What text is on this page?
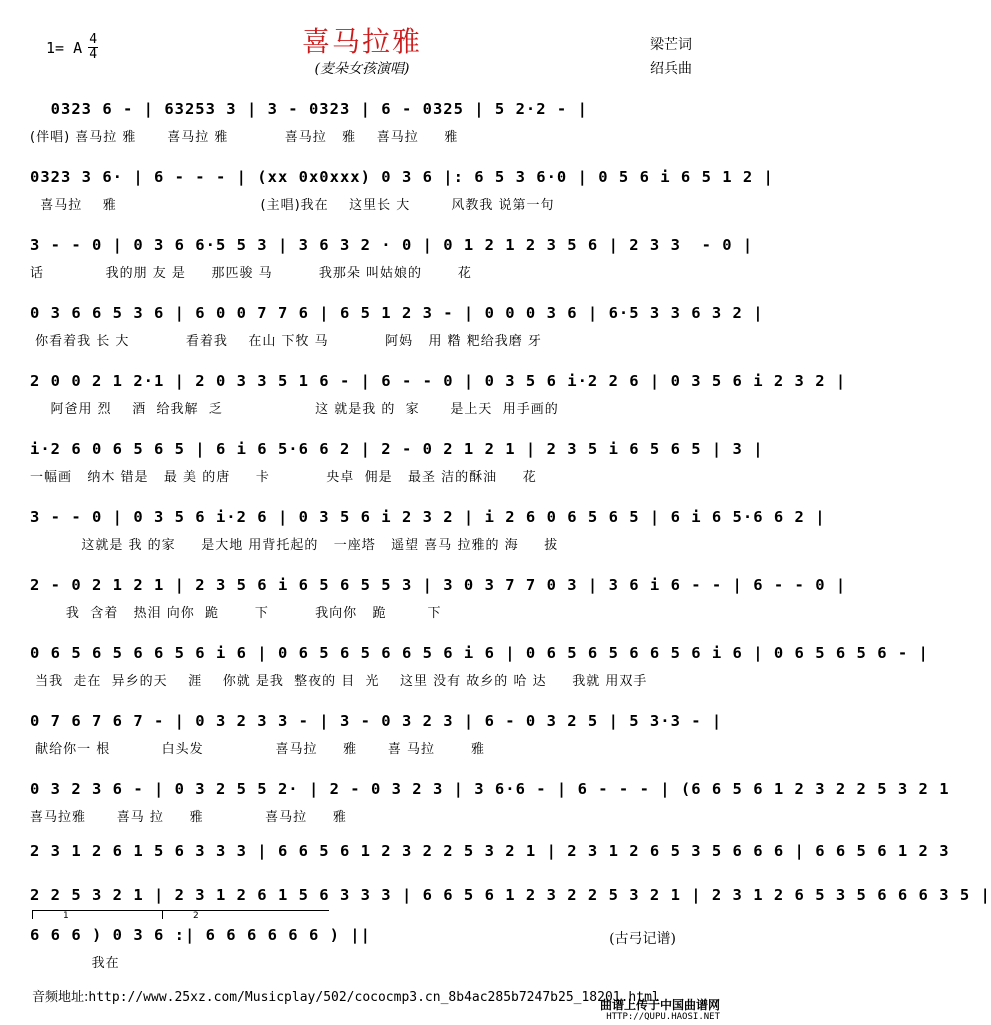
1= A 4
4	喜马拉雅
(麦朵女孩演唱)
梁芒词
绍兵曲
0323 6 - | 63253 3 | 3 - 0323 | 6 - 0325 | 5 2·2 - |
(伴唱) 喜马拉 雅      喜马拉 雅           喜马拉   雅    喜马拉     雅
0323 3 6· | 6 - - - | (xx 0x0xxx) 0 3 6 |: 6 5 3 6·0 | 0 5 6 i 6 5 1 2 |
喜马拉    雅                            (主唱)我在    这里长 大        风教我 说第一句
3 - - 0 | 0 3 6 6·5 5 3 | 3 6 3 2 · 0 | 0 1 2 1 2 3 5 6 | 2 3 3  - 0 |
话            我的朋 友 是     那匹骏 马         我那朵 叫姑娘的       花
0 3 6 6 5 3 6 | 6 0 0 7 7 6 | 6 5 1 2 3 - | 0 0 0 3 6 | 6·5 3 3 6 3 2 |
你看着我 长 大           看着我    在山 下牧 马           阿妈   用 糌 粑给我磨 牙
2 0 0 2 1 2·1 | 2 0 3 3 5 1 6 - | 6 - - 0 | 0 3 5 6 i·2 2 6 | 0 3 5 6 i 2 3 2 |
阿爸用 烈    酒  给我解  乏                  这 就是我 的  家      是上天  用手画的
i·2 6 0 6 5 6 5 | 6 i 6 5·6 6 2 | 2 - 0 2 1 2 1 | 2 3 5 i 6 5 6 5 | 3 |
一幅画   纳木 错是   最 美 的唐     卡           央卓  佣是   最圣 洁的酥油     花
3 - - 0 | 0 3 5 6 i·2 6 | 0 3 5 6 i 2 3 2 | i 2 6 0 6 5 6 5 | 6 i 6 5·6 6 2 |
这就是 我 的家     是大地 用背托起的   一座塔   遥望 喜马 拉雅的 海     拔
2 - 0 2 1 2 1 | 2 3 5 6 i 6 5 6 5 5 3 | 3 0 3 7 7 0 3 | 3 6 i 6 - - | 6 - - 0 |
我  含着   热泪 向你  跪       下         我向你   跪        下
0 6 5 6 5 6 6 5 6 i 6 | 0 6 5 6 5 6 6 5 6 i 6 | 0 6 5 6 5 6 6 5 6 i 6 | 0 6 5 6 5 6 - |
当我  走在  异乡的天    涯    你就 是我  整夜的 目  光    这里 没有 故乡的 哈 达     我就 用双手
0 7 6 7 6 7 - | 0 3 2 3 3 - | 3 - 0 3 2 3 | 6 - 0 3 2 5 | 5 3·3 - |
献给你一 根          白头发              喜马拉     雅      喜 马拉       雅
0 3 2 3 6 - | 0 3 2 5 5 2· | 2 - 0 3 2 3 | 3 6·6 - | 6 - - - | (6 6 5 6 1 2 3 2 2 5 3 2 1
喜马拉雅      喜马 拉     雅            喜马拉     雅
2 3 1 2 6 1 5 6 3 3 3 | 6 6 5 6 1 2 3 2 2 5 3 2 1 | 2 3 1 2 6 5 3 5 6 6 6 | 6 6 5 6 1 2 3
2 2 5 3 2 1 | 2 3 1 2 6 1 5 6 3 3 3 | 6 6 5 6 1 2 3 2 2 5 3 2 1 | 2 3 1 2 6 5 3 5 6 6 6 3 5 |
1	2
6 6 6 ) 0 3 6 :| 6 6 6 6 6 6 ) ||
我在
(古弓记谱)
音频地址:http://www.25xz.com/Musicplay/502/cococmp3.cn_8b4ac285b7247b25_18201.html
曲谱上传于中国曲谱网
HTTP://QUPU.HAOSI.NET
